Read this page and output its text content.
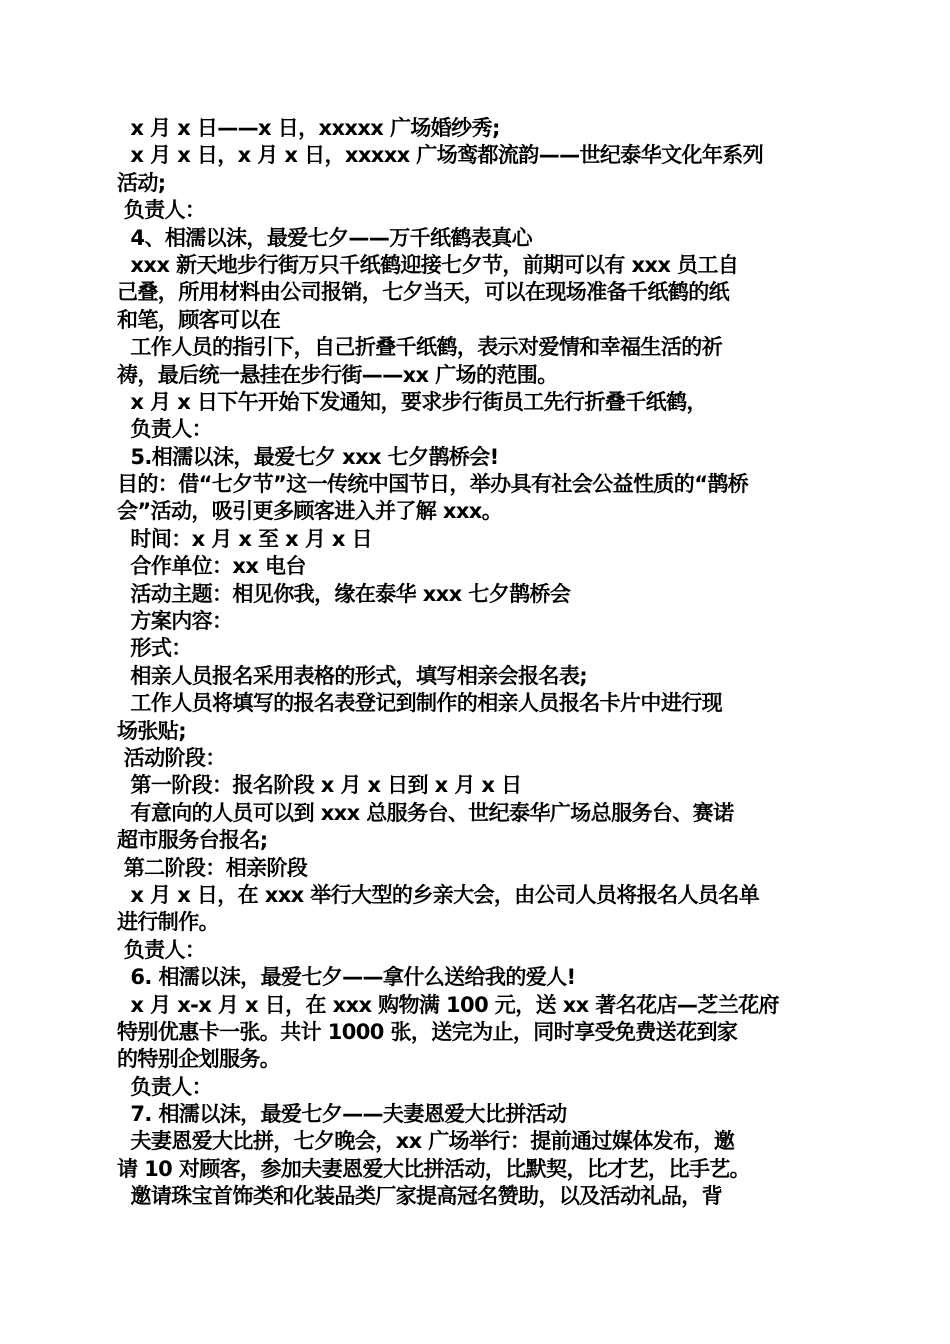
x 月 x 日——x 日，xxxxx 广场婚纱秀;
x 月 x 日，x 月 x 日，xxxxx 广场鸾都流韵——世纪泰华文化年系列
活动;
负责人：
4、相濡以沫，最爱七夕——万千纸鹤表真心
xxx 新天地步行街万只千纸鹤迎接七夕节，前期可以有 xxx 员工自
己叠，所用材料由公司报销，七夕当天，可以在现场准备千纸鹤的纸
和笔，顾客可以在
工作人员的指引下，自己折叠千纸鹤，表示对爱情和幸福生活的祈
祷，最后统一悬挂在步行街——xx 广场的范围。
x 月 x 日下午开始下发通知，要求步行街员工先行折叠千纸鹤，
负责人：
5.相濡以沫，最爱七夕 xxx 七夕鹊桥会!
目的：借“七夕节”这一传统中国节日，举办具有社会公益性质的“鹊桥
会”活动，吸引更多顾客进入并了解 xxx。
时间：x 月 x 至 x 月 x 日
合作单位：xx 电台
活动主题：相见你我，缘在泰华 xxx 七夕鹊桥会
方案内容：
形式：
相亲人员报名采用表格的形式，填写相亲会报名表;
工作人员将填写的报名表登记到制作的相亲人员报名卡片中进行现
场张贴;
活动阶段：
第一阶段：报名阶段 x 月 x 日到 x 月 x 日
有意向的人员可以到 xxx 总服务台、世纪泰华广场总服务台、赛诺
超市服务台报名;
第二阶段：相亲阶段
x 月 x 日，在 xxx 举行大型的乡亲大会，由公司人员将报名人员名单
进行制作。
负责人：
6. 相濡以沫，最爱七夕——拿什么送给我的爱人!
x 月 x-x 月 x 日，在 xxx 购物满 100 元，送 xx 著名花店—芝兰花府
特别优惠卡一张。共计 1000 张，送完为止，同时享受免费送花到家
的特别企划服务。
负责人：
7. 相濡以沫，最爱七夕——夫妻恩爱大比拼活动
夫妻恩爱大比拼，七夕晚会，xx 广场举行：提前通过媒体发布，邀
请 10 对顾客，参加夫妻恩爱大比拼活动，比默契，比才艺，比手艺。
邀请珠宝首饰类和化装品类厂家提高冠名赞助，以及活动礼品，背
